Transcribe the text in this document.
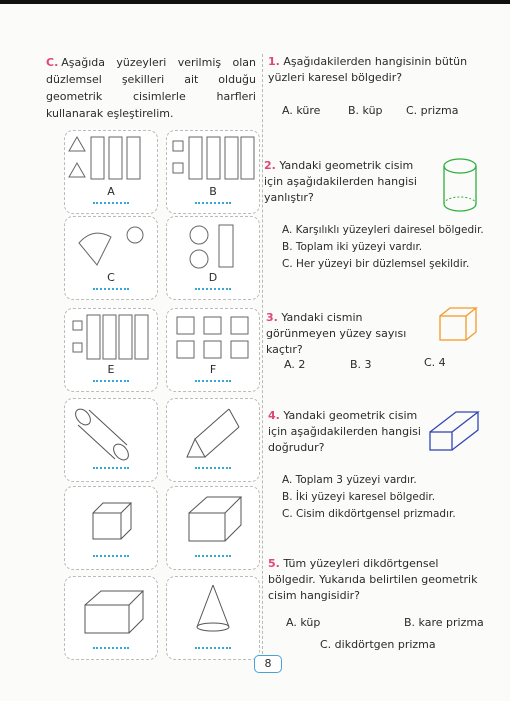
C. Aşağıda yüzeyleri verilmiş olan düzlemsel şekilleri ait olduğu geometrik cisimlerle harfleri kullanarak eşleştirelim.
A	B
C	D
E	F
1. Aşağıdakilerden hangisinin bütün yüzleri karesel bölgedir?
A. küre	B. küp C. prizma
2. Yandaki geometrik cisim için aşağıdakilerden hangisi yanlıştır?
A. Karşılıklı yüzeyleri dairesel bölgedir.
B. Toplam iki yüzeyi vardır.
C. Her yüzeyi bir düzlemsel şekildir.
3. Yandaki cismin görünmeyen yüzey sayısı kaçtır?
A. 2	B. 3	C. 4
4. Yandaki geometrik cisim için aşağıdakilerden hangisi doğrudur?
A. Toplam 3 yüzeyi vardır.
B. İki yüzeyi karesel bölgedir.
C. Cisim dikdörtgensel prizmadır.
5. Tüm yüzeyleri dikdörtgensel bölgedir. Yukarıda belirtilen geometrik cisim hangisidir?
A. küp	B. kare prizma
C. dikdörtgen prizma
8
